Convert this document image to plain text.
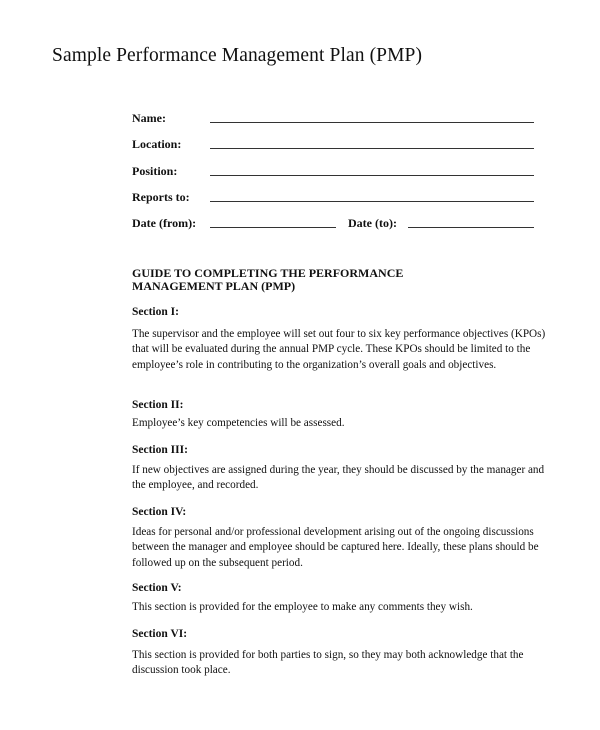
Sample Performance Management Plan (PMP)
Name:
Location:
Position:
Reports to:
Date (from):	Date (to):
GUIDE TO COMPLETING THE PERFORMANCE MANAGEMENT PLAN (PMP)
Section I:
The supervisor and the employee will set out four to six key performance objectives (KPOs) that will be evaluated during the annual PMP cycle. These KPOs should be limited to the employee’s role in contributing to the organization’s overall goals and objectives.
Section II:
Employee’s key competencies will be assessed.
Section III:
If new objectives are assigned during the year, they should be discussed by the manager and the employee, and recorded.
Section IV:
Ideas for personal and/or professional development arising out of the ongoing discussions between the manager and employee should be captured here. Ideally, these plans should be followed up on the subsequent period.
Section V:
This section is provided for the employee to make any comments they wish.
Section VI:
This section is provided for both parties to sign, so they may both acknowledge that the discussion took place.
